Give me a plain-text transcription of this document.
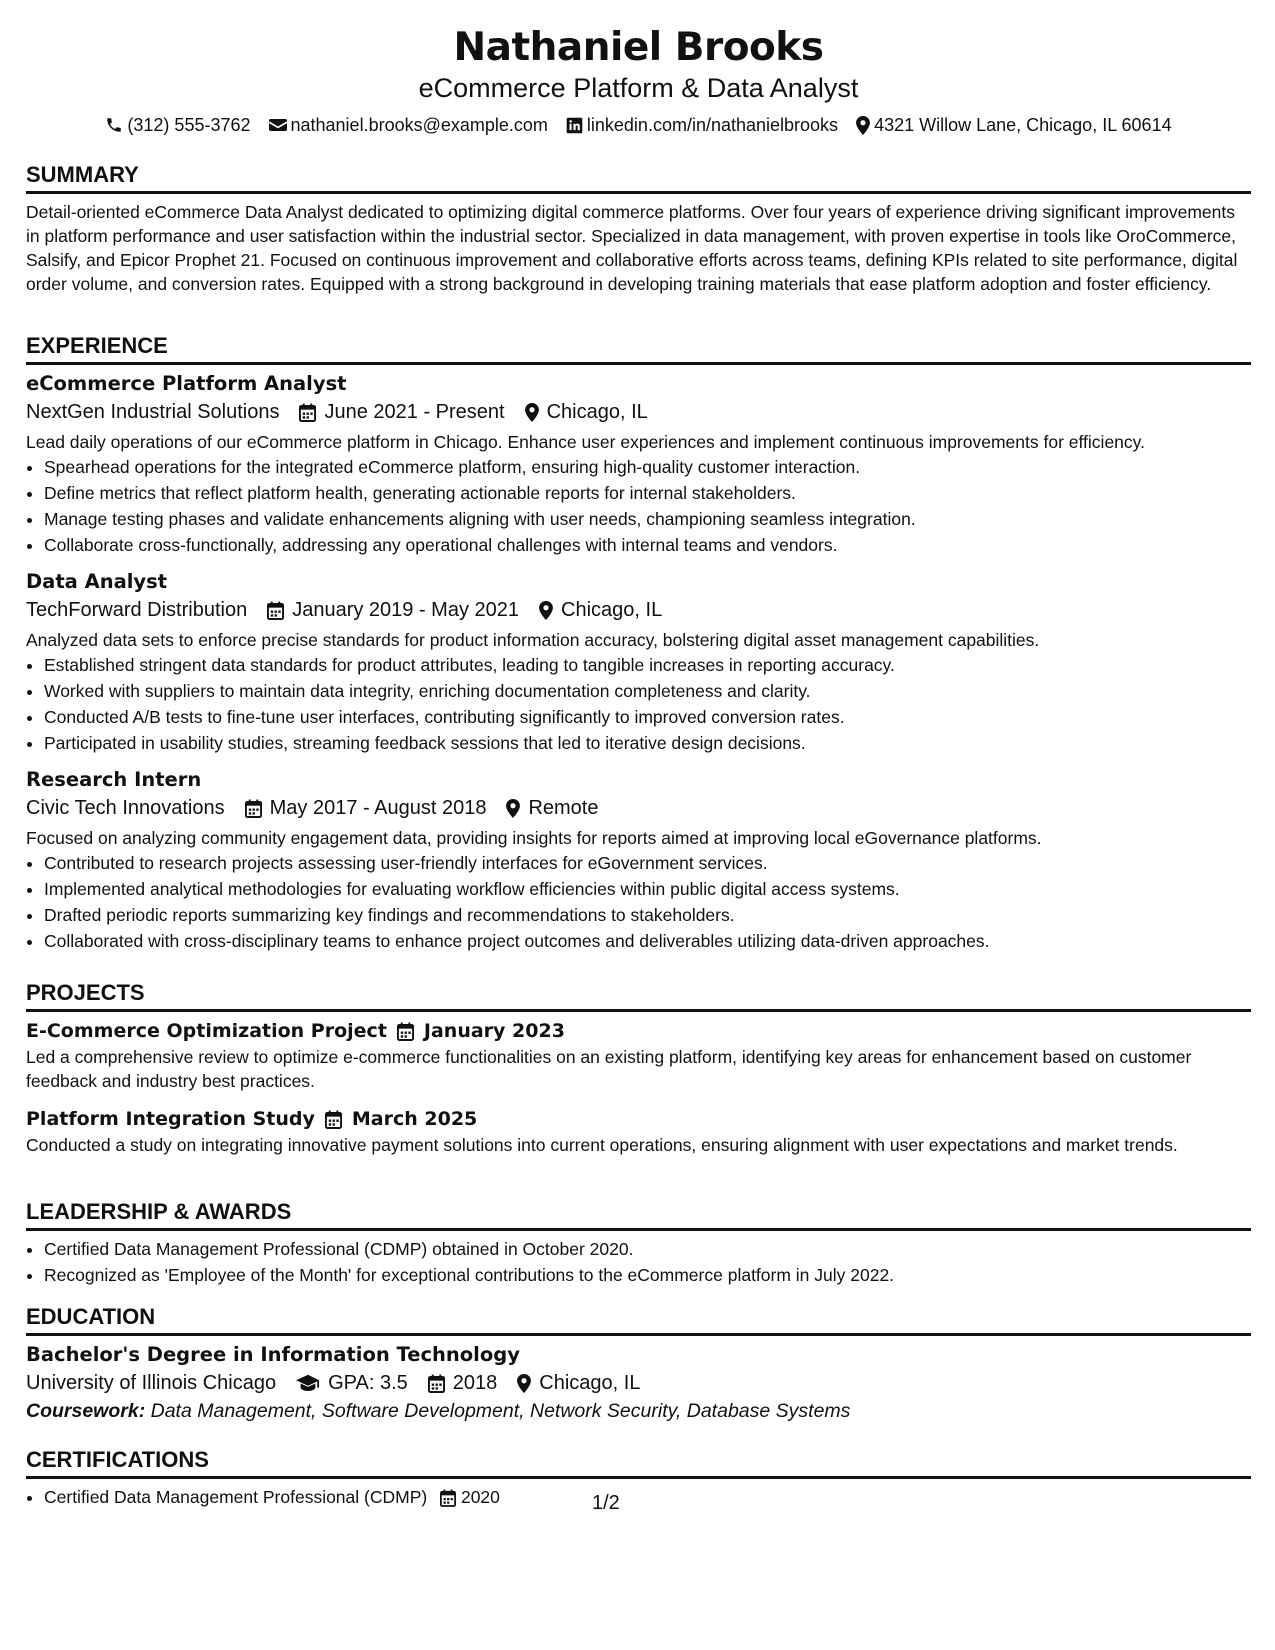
Nathaniel Brooks
eCommerce Platform & Data Analyst
(312) 555-3762 nathaniel.brooks@example.com linkedin.com/in/nathanielbrooks 4321 Willow Lane, Chicago, IL 60614
SUMMARY
Detail-oriented eCommerce Data Analyst dedicated to optimizing digital commerce platforms. Over four years of experience driving significant improvements in platform performance and user satisfaction within the industrial sector. Specialized in data management, with proven expertise in tools like OroCommerce, Salsify, and Epicor Prophet 21. Focused on continuous improvement and collaborative efforts across teams, defining KPIs related to site performance, digital order volume, and conversion rates. Equipped with a strong background in developing training materials that ease platform adoption and foster efficiency.
EXPERIENCE
eCommerce Platform Analyst
NextGen Industrial Solutions June 2021 - Present Chicago, IL
Lead daily operations of our eCommerce platform in Chicago. Enhance user experiences and implement continuous improvements for efficiency.
• Spearhead operations for the integrated eCommerce platform, ensuring high-quality customer interaction.
• Define metrics that reflect platform health, generating actionable reports for internal stakeholders.
• Manage testing phases and validate enhancements aligning with user needs, championing seamless integration.
• Collaborate cross-functionally, addressing any operational challenges with internal teams and vendors.
Data Analyst
TechForward Distribution January 2019 - May 2021 Chicago, IL
Analyzed data sets to enforce precise standards for product information accuracy, bolstering digital asset management capabilities.
• Established stringent data standards for product attributes, leading to tangible increases in reporting accuracy.
• Worked with suppliers to maintain data integrity, enriching documentation completeness and clarity.
• Conducted A/B tests to fine-tune user interfaces, contributing significantly to improved conversion rates.
• Participated in usability studies, streaming feedback sessions that led to iterative design decisions.
Research Intern
Civic Tech Innovations May 2017 - August 2018 Remote
Focused on analyzing community engagement data, providing insights for reports aimed at improving local eGovernance platforms.
• Contributed to research projects assessing user-friendly interfaces for eGovernment services.
• Implemented analytical methodologies for evaluating workflow efficiencies within public digital access systems.
• Drafted periodic reports summarizing key findings and recommendations to stakeholders.
• Collaborated with cross-disciplinary teams to enhance project outcomes and deliverables utilizing data-driven approaches.
PROJECTS
E-Commerce Optimization Project January 2023
Led a comprehensive review to optimize e-commerce functionalities on an existing platform, identifying key areas for enhancement based on customer feedback and industry best practices.
Platform Integration Study March 2025
Conducted a study on integrating innovative payment solutions into current operations, ensuring alignment with user expectations and market trends.
LEADERSHIP & AWARDS
• Certified Data Management Professional (CDMP) obtained in October 2020.
• Recognized as 'Employee of the Month' for exceptional contributions to the eCommerce platform in July 2022.
EDUCATION
Bachelor's Degree in Information Technology
University of Illinois Chicago	GPA: 3.5 2018 Chicago, IL
Coursework: Data Management, Software Development, Network Security, Database Systems
CERTIFICATIONS
• Certified Data Management Professional (CDMP) 2020	1/2
